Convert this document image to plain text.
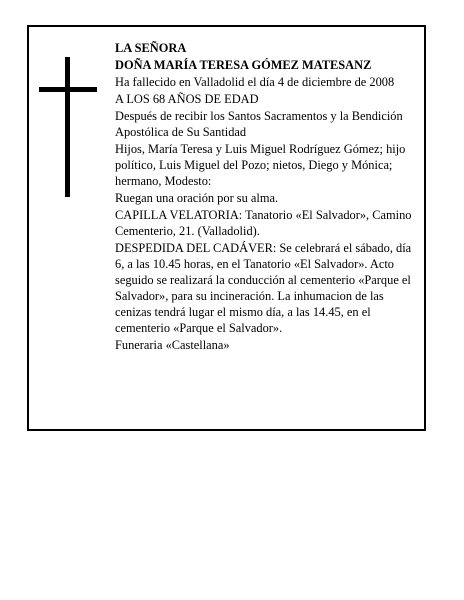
LA SEÑORA

DOÑA MARÍA TERESA GÓMEZ MATESANZ

Ha fallecido en Valladolid el día 4 de diciembre de 2008

A LOS 68 AÑOS DE EDAD

Después de recibir los Santos Sacramentos y la Bendición Apostólica de Su Santidad

Hijos, María Teresa y Luis Miguel Rodríguez Gómez; hijo político, Luis Miguel del Pozo; nietos, Diego y Mónica; hermano, Modesto:

Ruegan una oración por su alma.

CAPILLA VELATORIA: Tanatorio «El Salvador», Camino Cementerio, 21. (Valladolid).

DESPEDIDA DEL CADÁVER: Se celebrará el sábado, día 6, a las 10.45 horas, en el Tanatorio «El Salvador». Acto seguido se realizará la conducción al cementerio «Parque el Salvador», para su incineración. La inhumacion de las cenizas tendrá lugar el mismo día, a las 14.45, en el cementerio «Parque el Salvador».

Funeraria «Castellana»
